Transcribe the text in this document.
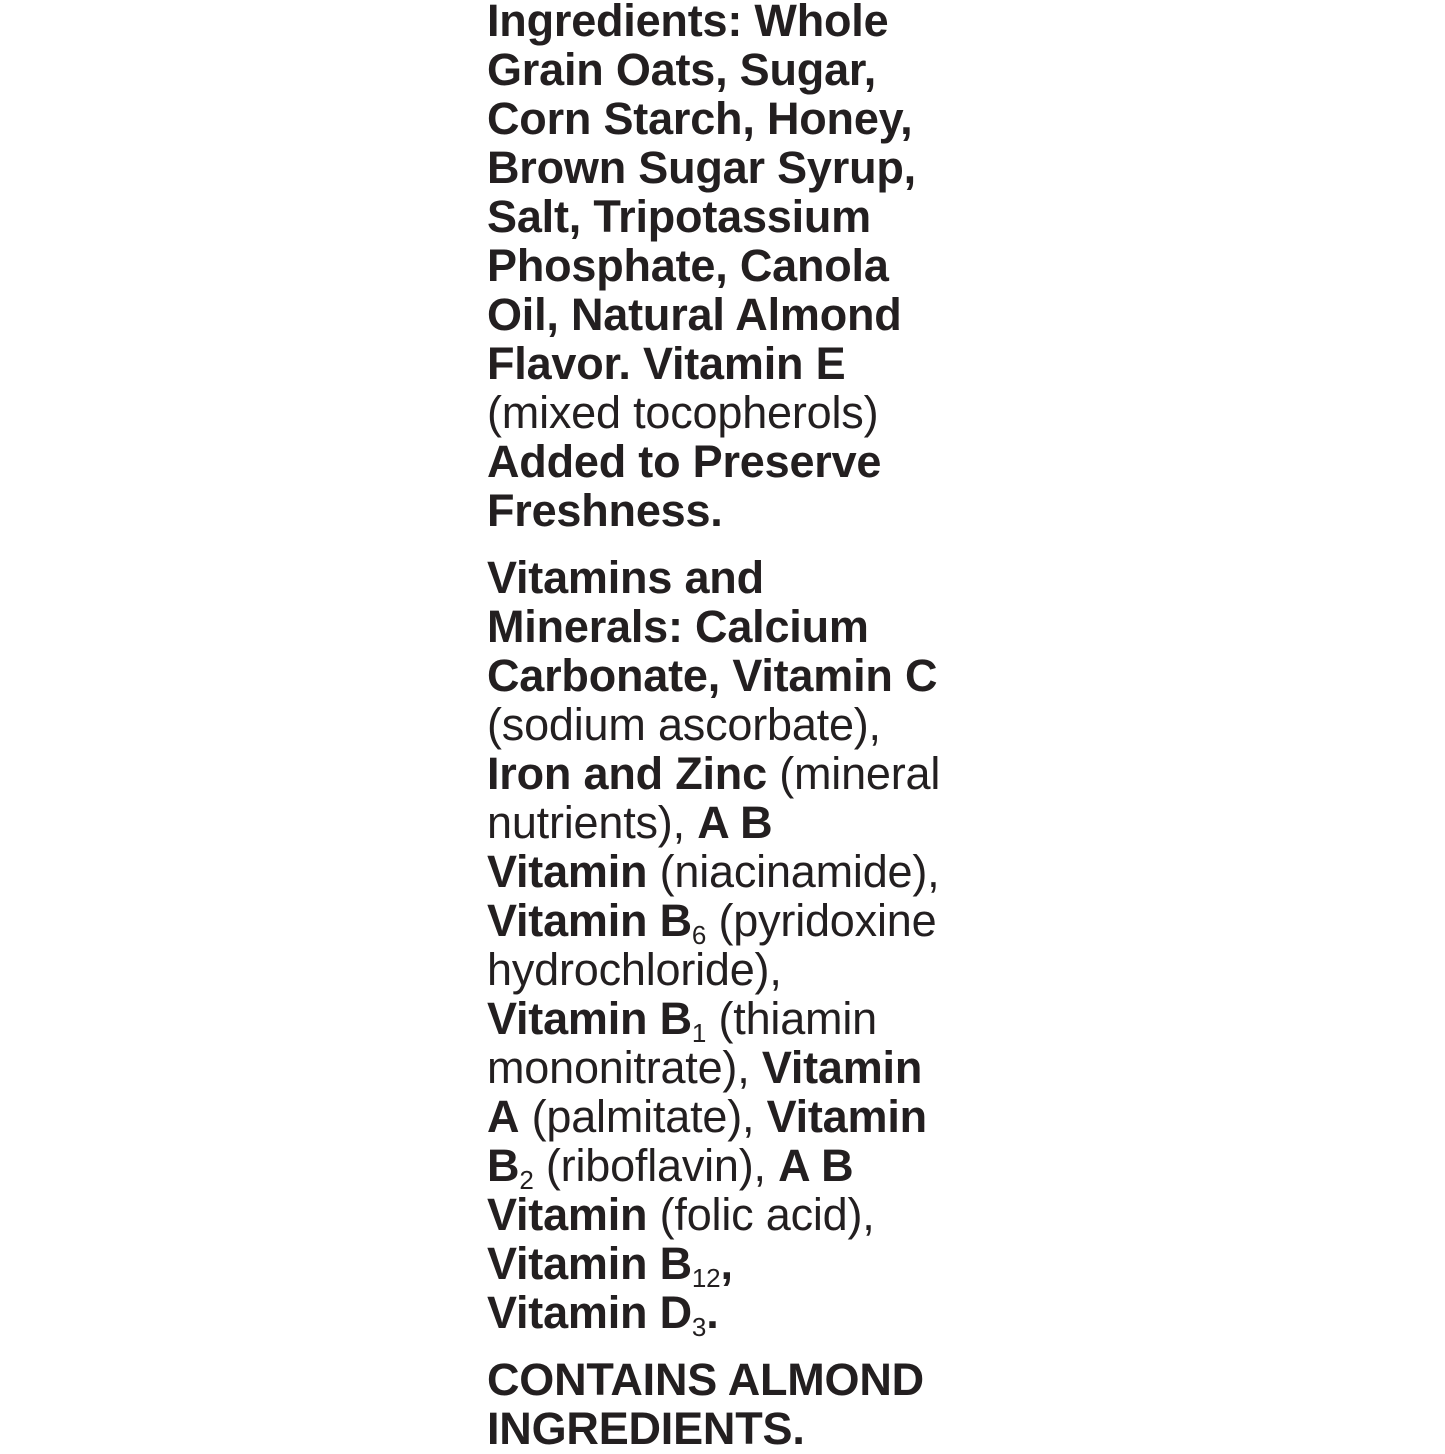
Ingredients: Whole
Grain Oats, Sugar,
Corn Starch, Honey,
Brown Sugar Syrup,
Salt, Tripotassium
Phosphate, Canola
Oil, Natural Almond
Flavor. Vitamin E
(mixed tocopherols)
Added to Preserve
Freshness.
Vitamins and
Minerals: Calcium
Carbonate, Vitamin C
(sodium ascorbate),
Iron and Zinc (mineral
nutrients), A B
Vitamin (niacinamide),
Vitamin B6 (pyridoxine
hydrochloride),
Vitamin B1 (thiamin
mononitrate), Vitamin
A (palmitate), Vitamin
B2 (riboflavin), A B
Vitamin (folic acid),
Vitamin B12,
Vitamin D3.
CONTAINS ALMOND
INGREDIENTS.
